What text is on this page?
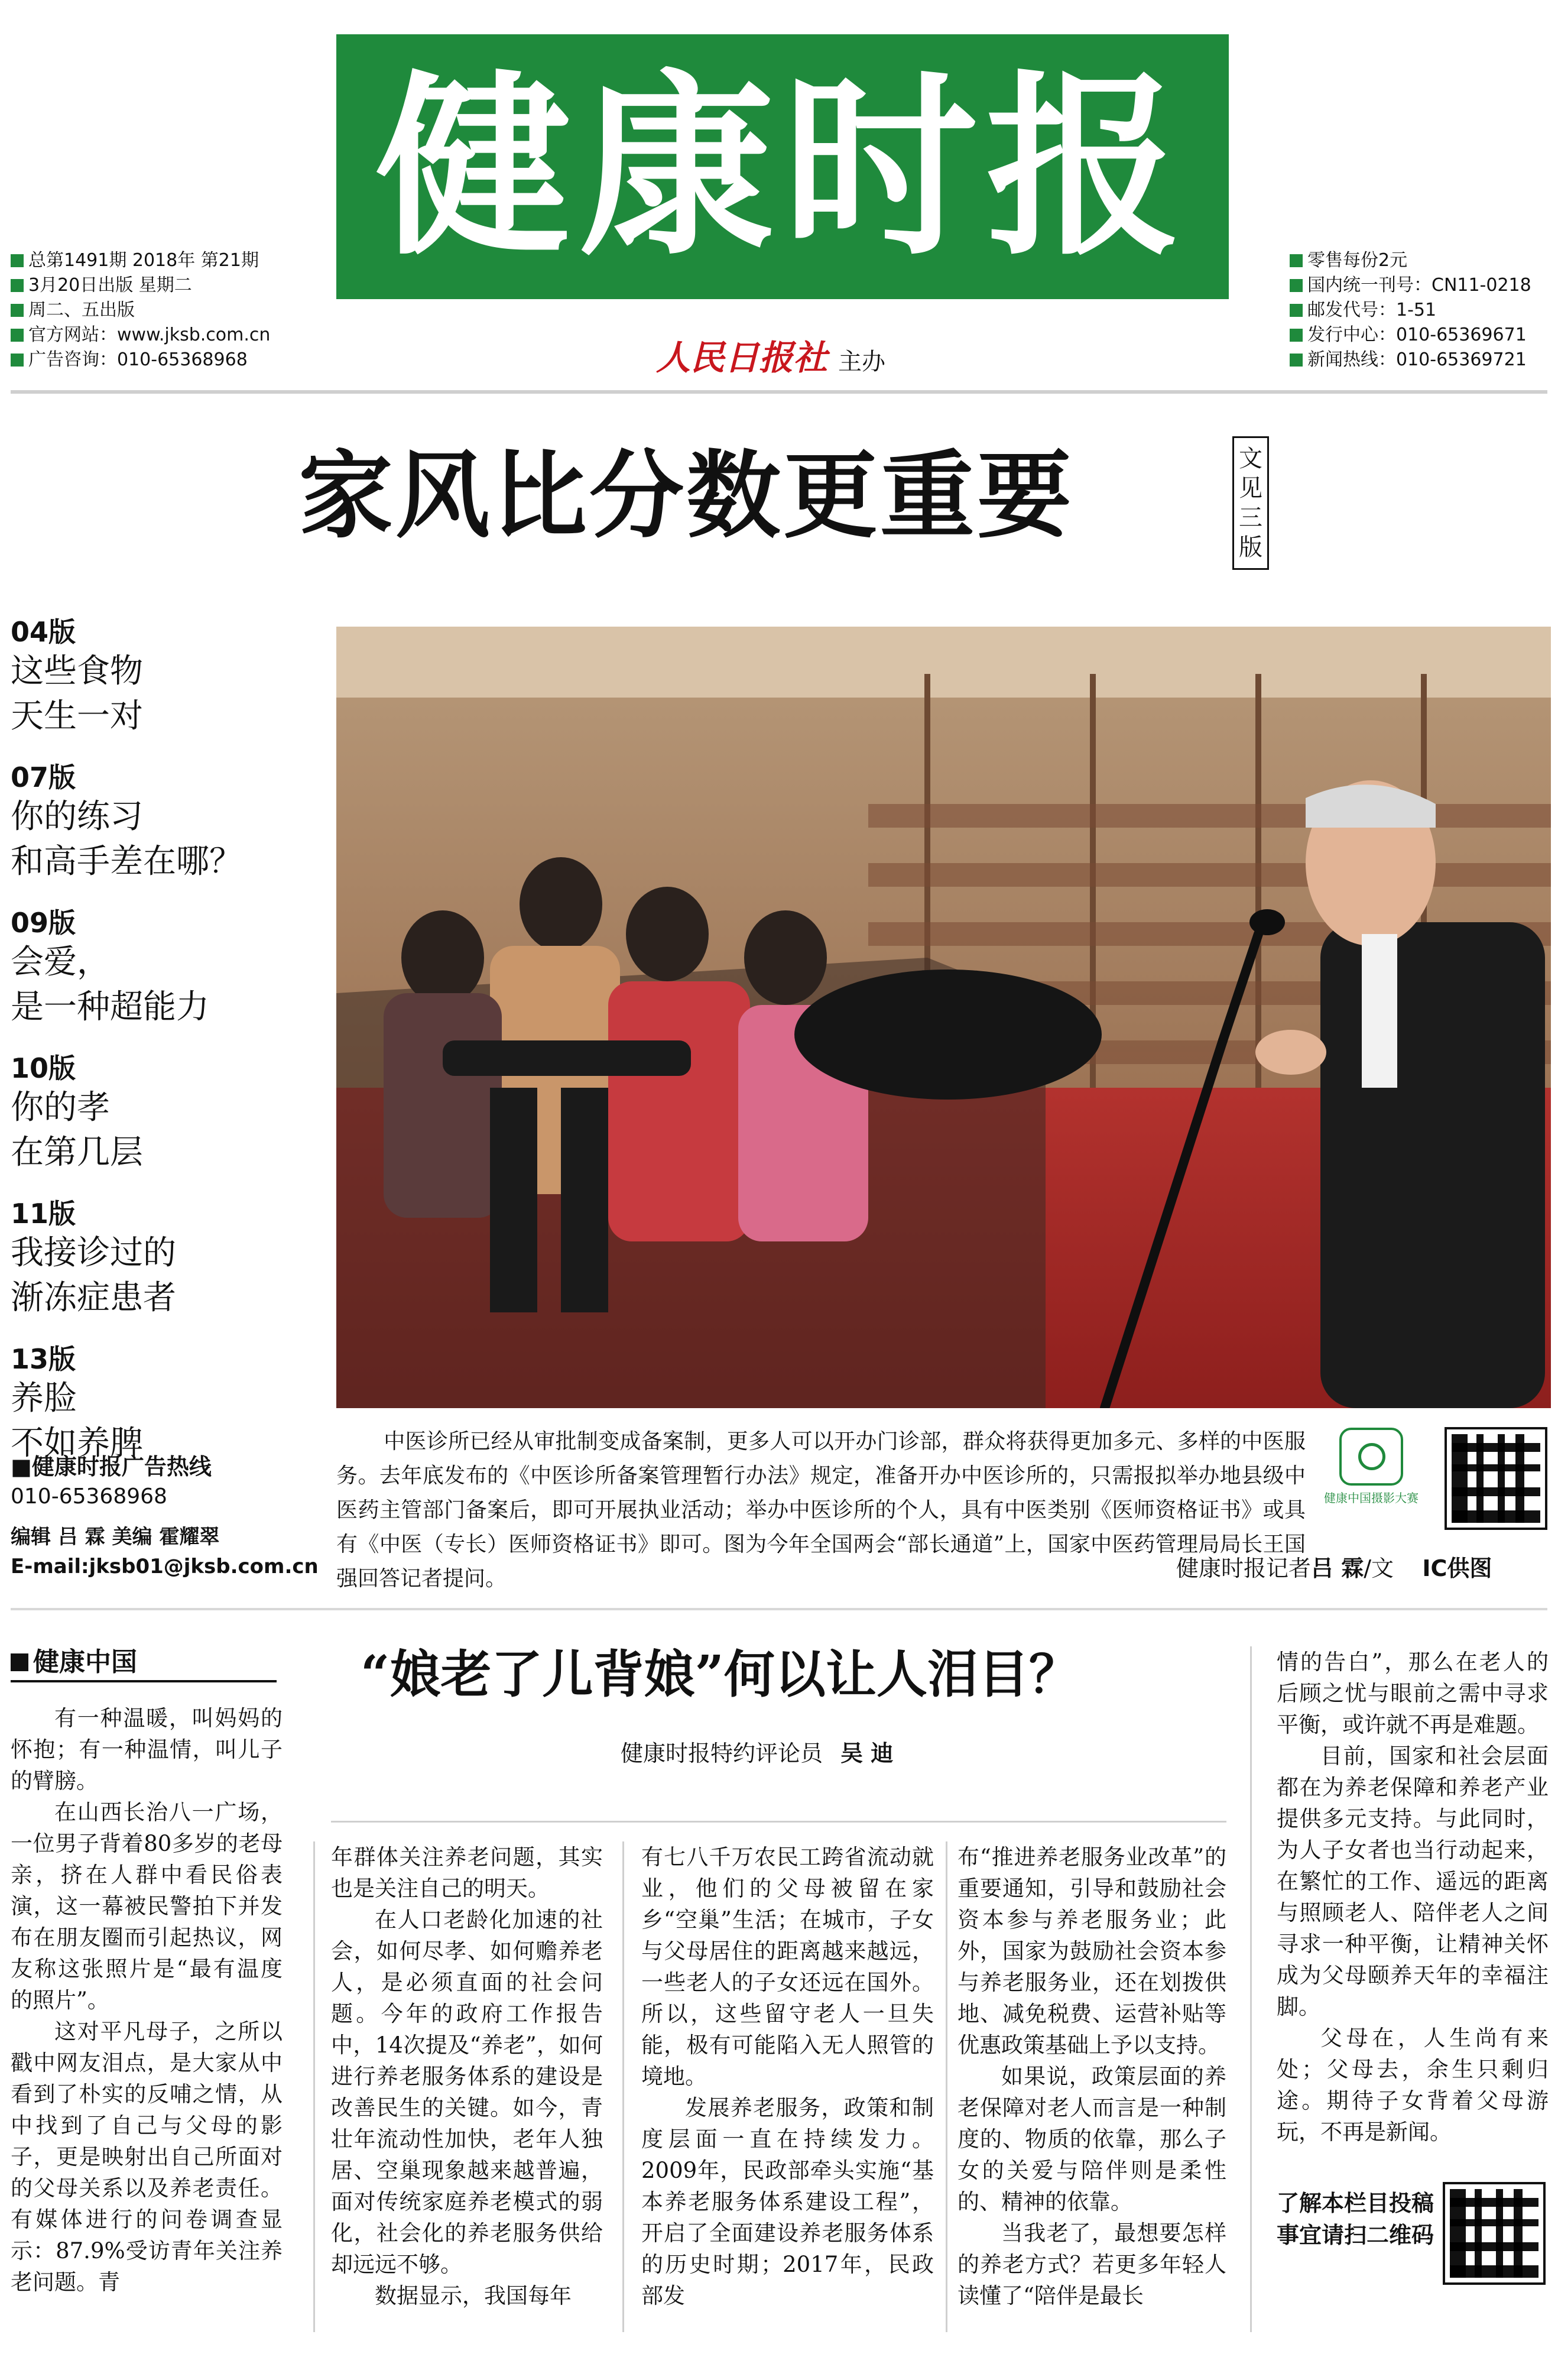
健康时报
总第1491期 2018年 第21期
3月20日出版 星期二
周二、五出版
官方网站：www.jksb.com.cn
广告咨询：010-65368968
零售每份2元
国内统一刊号：CN11-0218
邮发代号：1-51
发行中心：010-65369671
新闻热线：010-65369721
人民日报社 主办
家风比分数更重要	文见三版
04版
这些食物
天生一对
07版
你的练习
和高手差在哪？
09版
会爱，
是一种超能力
10版
你的孝
在第几层
11版
我接诊过的
渐冻症患者
13版
养脸
不如养脾
■健康时报广告热线
010-65368968
编辑 吕 霖 美编 霍耀翠
E-mail:jksb01@jksb.com.cn
中医诊所已经从审批制变成备案制，更多人可以开办门诊部，群众将获得更加多元、多样的中医服务。去年底发布的《中医诊所备案管理暂行办法》规定，准备开办中医诊所的，只需报拟举办地县级中医药主管部门备案后，即可开展执业活动；举办中医诊所的个人，具有中医类别《医师资格证书》或具有《中医（专长）医师资格证书》即可。图为今年全国两会“部长通道”上，国家中医药管理局局长王国强回答记者提问。	健康时报记者吕 霖/文 IC供图
健康中国摄影大赛
健康中国	“娘老了儿背娘”何以让人泪目？
健康时报特约评论员 吴 迪

有一种温暖，叫妈妈的怀抱；有一种温情，叫儿子的臂膀。

在山西长治八一广场，一位男子背着80多岁的老母亲，挤在人群中看民俗表演，这一幕被民警拍下并发布在朋友圈而引起热议，网友称这张照片是“最有温度的照片”。

这对平凡母子，之所以戳中网友泪点，是大家从中看到了朴实的反哺之情，从中找到了自己与父母的影子，更是映射出自己所面对的父母关系以及养老责任。有媒体进行的问卷调查显示：87.9%受访青年关注养老问题。青

年群体关注养老问题，其实也是关注自己的明天。

在人口老龄化加速的社会，如何尽孝、如何赡养老人，是必须直面的社会问题。今年的政府工作报告中，14次提及“养老”，如何进行养老服务体系的建设是改善民生的关键。如今，青壮年流动性加快，老年人独居、空巢现象越来越普遍，面对传统家庭养老模式的弱化，社会化的养老服务供给却远远不够。

数据显示，我国每年

有七八千万农民工跨省流动就业，他们的父母被留在家乡“空巢”生活；在城市，子女与父母居住的距离越来越远，一些老人的子女还远在国外。所以，这些留守老人一旦失能，极有可能陷入无人照管的境地。

发展养老服务，政策和制度层面一直在持续发力。2009年，民政部牵头实施“基本养老服务体系建设工程”，开启了全面建设养老服务体系的历史时期；2017年，民政部发

布“推进养老服务业改革”的重要通知，引导和鼓励社会资本参与养老服务业；此外，国家为鼓励社会资本参与养老服务业，还在划拨供地、减免税费、运营补贴等优惠政策基础上予以支持。

如果说，政策层面的养老保障对老人而言是一种制度的、物质的依靠，那么子女的关爱与陪伴则是柔性的、精神的依靠。

当我老了，最想要怎样的养老方式？若更多年轻人读懂了“陪伴是最长

情的告白”，那么在老人的后顾之忧与眼前之需中寻求平衡，或许就不再是难题。

目前，国家和社会层面都在为养老保障和养老产业提供多元支持。与此同时，为人子女者也当行动起来，在繁忙的工作、遥远的距离与照顾老人、陪伴老人之间寻求一种平衡，让精神关怀成为父母颐养天年的幸福注脚。

父母在，人生尚有来处；父母去，余生只剩归途。期待子女背着父母游玩，不再是新闻。

了解本栏目投稿事宜请扫二维码
